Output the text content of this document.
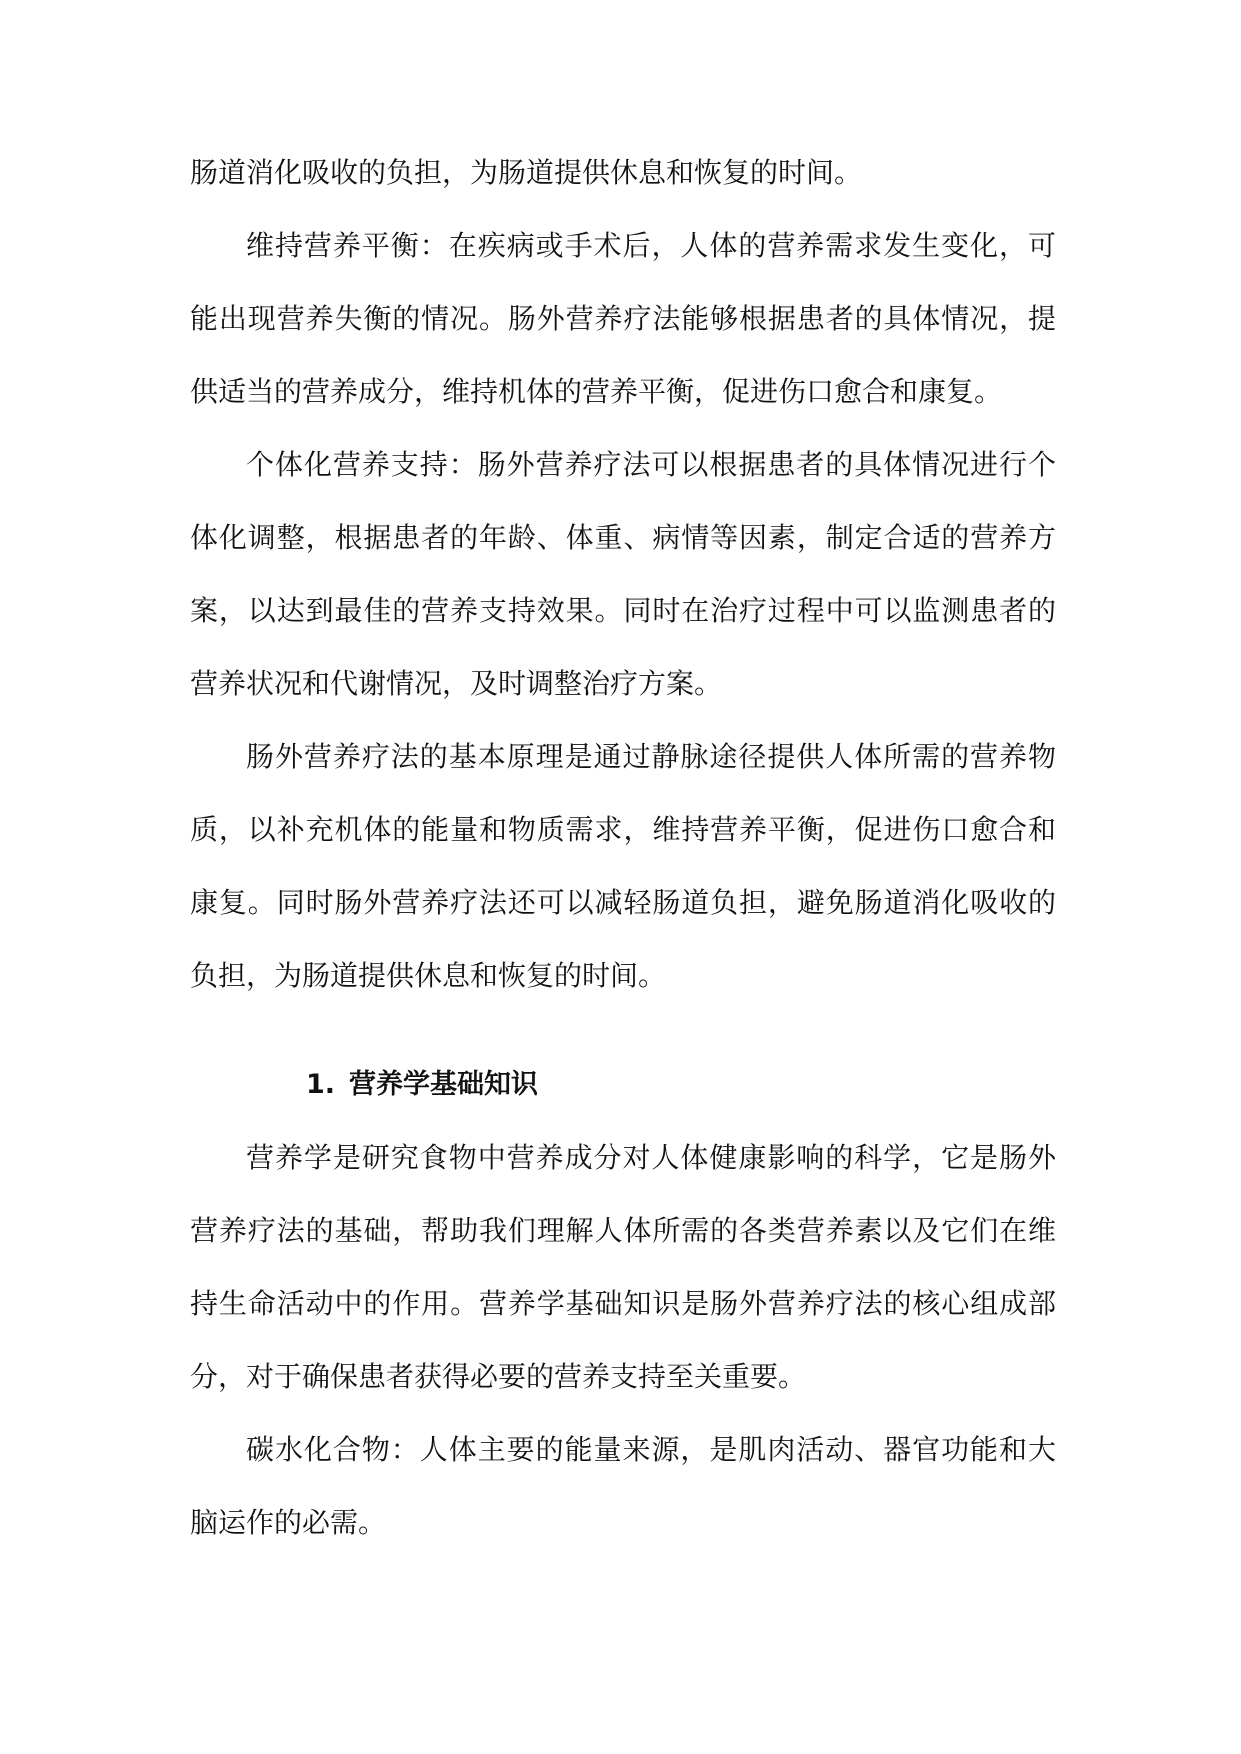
肠道消化吸收的负担，为肠道提供休息和恢复的时间。

维持营养平衡：在疾病或手术后，人体的营养需求发生变化，可能出现营养失衡的情况。肠外营养疗法能够根据患者的具体情况，提供适当的营养成分，维持机体的营养平衡，促进伤口愈合和康复。

个体化营养支持：肠外营养疗法可以根据患者的具体情况进行个体化调整，根据患者的年龄、体重、病情等因素，制定合适的营养方案，以达到最佳的营养支持效果。同时在治疗过程中可以监测患者的营养状况和代谢情况，及时调整治疗方案。

肠外营养疗法的基本原理是通过静脉途径提供人体所需的营养物质，以补充机体的能量和物质需求，维持营养平衡，促进伤口愈合和康复。同时肠外营养疗法还可以减轻肠道负担，避免肠道消化吸收的负担，为肠道提供休息和恢复的时间。

1. 营养学基础知识

营养学是研究食物中营养成分对人体健康影响的科学，它是肠外营养疗法的基础，帮助我们理解人体所需的各类营养素以及它们在维持生命活动中的作用。营养学基础知识是肠外营养疗法的核心组成部分，对于确保患者获得必要的营养支持至关重要。

碳水化合物：人体主要的能量来源，是肌肉活动、器官功能和大脑运作的必需。
